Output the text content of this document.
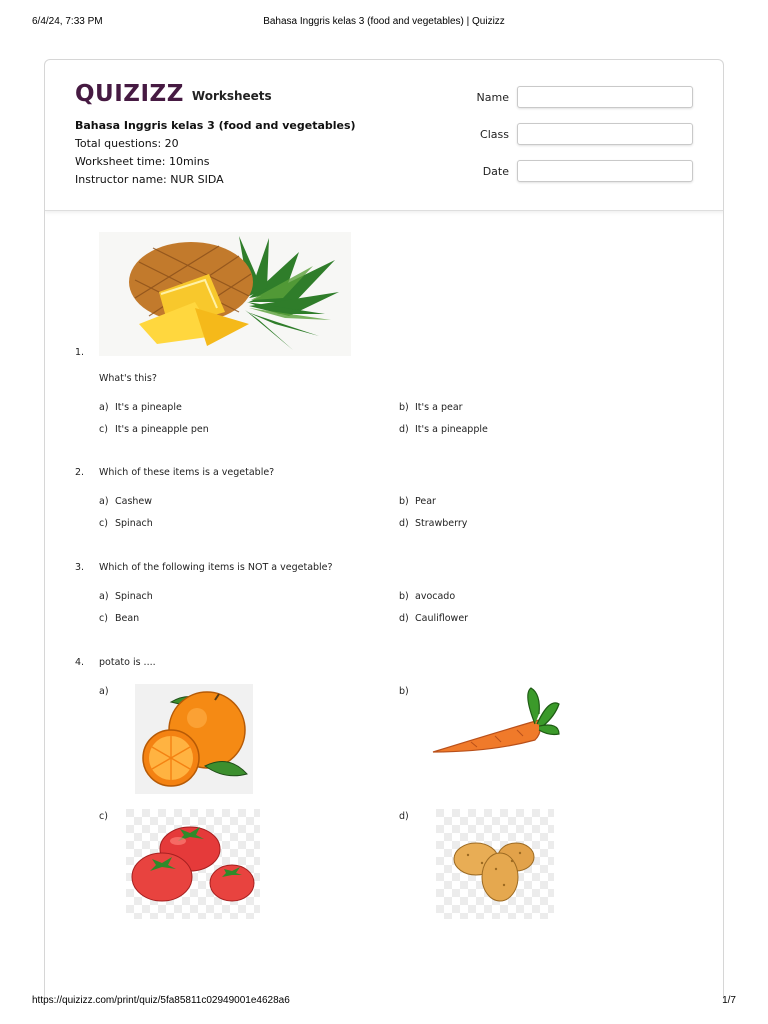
6/4/24, 7:33 PM	Bahasa Inggris kelas 3 (food and vegetables) | Quizizz
QUIZIZZ Worksheets
Bahasa Inggris kelas 3 (food and vegetables)
Total questions: 20
Worksheet time: 10mins
Instructor name: NUR SIDA
Name
Class
Date
1.
What's this?
a) It's a pineaple	b) It's a pear
c) It's a pineapple pen	d) It's a pineapple
2. Which of these items is a vegetable?
a) Cashew	b) Pear
c) Spinach	d) Strawberry
3. Which of the following items is NOT a vegetable?
a) Spinach	b) avocado
c) Bean	d) Cauliflower
4. potato is ....
a)	b)
c)	d)
https://quizizz.com/print/quiz/5fa85811c02949001e4628a6	1/7
